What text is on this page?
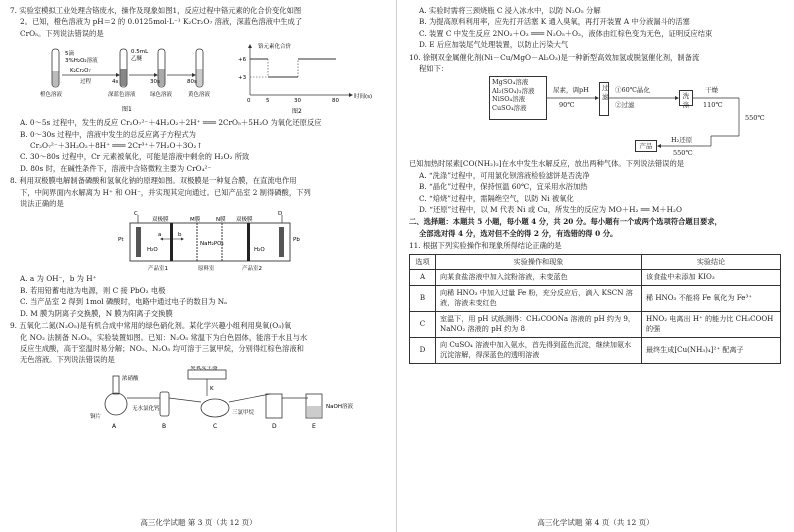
7. 实验室模拟工业处理含铬废水，操作及现象如图1，反应过程中铬元素的化合价变化如图
2。已知，橙色溶液为 pH＝2 的 0.0125mol·L⁻¹ K₂Cr₂O₇ 溶液，深蓝色溶液中生成了
CrO₅。下列说法错误的是
5滴
3%H₂O₂溶液
0.5mL
乙醚
K₂Cr₂O₇
过程	4s	30s	80s
橙色溶液	深蓝色溶液	绿色溶液	黄色溶液
图1
铬元素化合价
+6
+3
0	5	30	80
时间(s)
图2
A. 0～5s 过程中，发生的反应 Cr₂O₇²⁻＋4H₂O₂＋2H⁺ ═══ 2CrO₅＋5H₂O 为氧化还原反应
B. 0～30s 过程中，溶液中发生的总反应离子方程式为
Cr₂O₇²⁻＋3H₂O₂＋8H⁺ ═══ 2Cr³⁺＋7H₂O＋3O₂↑
C. 30～80s 过程中，Cr 元素被氧化，可能是溶液中剩余的 H₂O₂ 所致
D. 80s 时，在碱性条件下，溶液中含铬微粒主要为 CrO₄²⁻
8. 利用双极膜电解制备磷酸和氢氧化钠的原理如图。双极膜是一种复合膜，在直流电作用
下，中间界面内水解离为 H⁺ 和 OH⁻，并实现其定向通过。已知产品室 2 制得磷酸，下列
说法正确的是
C
Pt
D
Pb
双极膜	双极膜
M膜	N膜
H₂O	H₂O
NaH₂PO₄
a	b
产品室1	原料室	产品室2
A. a 为 OH⁻，b 为 H⁺
B. 若用铅蓄电池为电源，则 C 接 PbO₂ 电极
C. 当产品室 2 得到 1mol 磷酸时，电路中通过电子的数目为 Nₐ
D. M 膜为阴离子交换膜，N 膜为阳离子交换膜
9. 五氧化二氮(N₂O₅)是有机合成中常用的绿色硝化剂。某化学兴趣小组利用臭氧(O₃)氧
化 NO₂ 法制备 N₂O₅，实验装置如图。已知：N₂O₅ 常温下为白色固体，能溶于水且与水
反应生成酸，高于室温时易分解；NO₂、N₂O₅ 均可溶于三氯甲烷，分别得红棕色溶液和
无色溶液。下列说法错误的是
浓硝酸
铜片
无水氯化钙
臭氧发生器
K
三氯甲烷
NaOH溶液
A	B	C	D	E
高三化学试题 第 3 页（共 12 页）
A. 实验时需将三颈烧瓶 C 浸入冰水中，以防 N₂O₅ 分解
B. 为提高原料利用率，应先打开活塞 K 通入臭氧，再打开装置 A 中分液漏斗的活塞
C. 装置 C 中发生反应 2NO₂＋O₃ ═══ N₂O₅＋O₂，液体由红棕色变为无色，证明反应结束
D. E 后应加装尾气处理装置，以防止污染大气
10. 徐钢双金属催化剂(Ni－Cu/MgO－Al₂O₃)是一种新型高效加氢或脱氢催化剂，制备流
程如下：
MgSO₄溶液
Al₂(SO₄)₃溶液
NiSO₄溶液
CuSO₄溶液
过滤	洗涤
产品
尿素，调pH
90℃
①60℃晶化
②过滤
干燥
110℃
550℃
H₂还原
550℃
已知加热时尿素[CO(NH₂)₂]在水中发生水解反应，放出两种气体。下列说法错误的是
A. “洗涤”过程中，可用氯化钡溶液检验滤饼是否洗净
B. “晶化”过程中，保持恒温 60℃，宜采用水浴加热
C. “焙烧”过程中，需隔绝空气，以防 Ni 被氧化
D. “还原”过程中，以 M 代表 Ni 或 Cu，所发生的反应为 MO＋H₂ ══ M＋H₂O
二、选择题：本题共 5 小题，每小题 4 分，共 20 分。每小题有一个或两个选项符合题目要求，
全部选对得 4 分，选对但不全的得 2 分，有选错的得 0 分。
11. 根据下列实验操作和现象所得结论正确的是
选项	实验操作和现象	实验结论
A	向某食盐溶液中加入淀粉溶液，未变蓝色	该食盐中未添加 KIO₃
B	向稀 HNO₃ 中加入过量 Fe 粉，充分反应后，滴入 KSCN 溶液，溶液未变红色	稀 HNO₃ 不能将 Fe 氧化为 Fe³⁺
C	室温下，用 pH 试纸测得：CH₃COONa 溶液的 pH 约为 9，NaNO₂ 溶液的 pH 约为 8	HNO₂ 电离出 H⁺ 的能力比 CH₃COOH 的强
D	向 CuSO₄ 溶液中加入氨水，首先得到蓝色沉淀，继续加氨水沉淀溶解，得深蓝色的透明溶液	最终生成[Cu(NH₃)₄]²⁺ 配离子
高三化学试题 第 4 页（共 12 页）
